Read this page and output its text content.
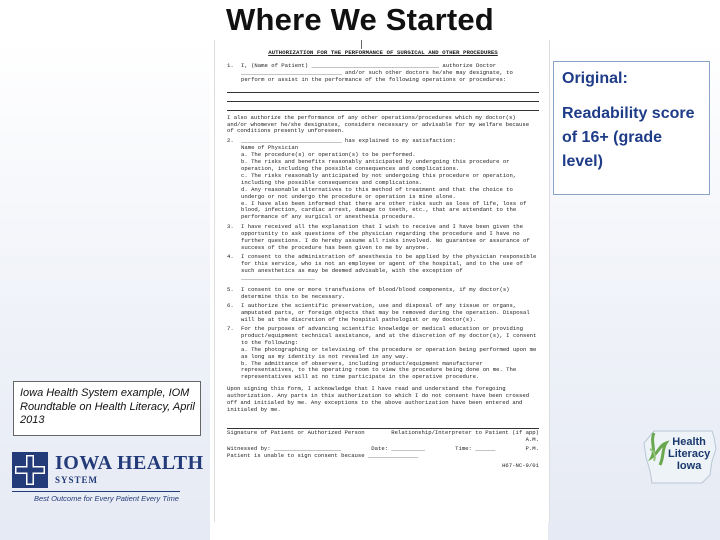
Where We Started
AUTHORIZATION FOR THE PERFORMANCE OF SURGICAL AND OTHER PROCEDURES
1.	I, (Name of Patient) ______________________________________ authorize Doctor ______________________________ and/or such other doctors he/she may designate, to perform or assist in the performance of the following operations or procedures:

I also authorize the performance of any other operations/procedures which my doctor(s) and/or whomever he/she designates, considers necessary or advisable for my welfare because of conditions presently unforeseen.

2.	______________________________ has explained to my satisfaction:

Name of Physician

a. The procedure(s) or operation(s) to be performed.

b. The risks and benefits reasonably anticipated by undergoing this procedure or operation, including the possible consequences and complications.

c. The risks reasonably anticipated by not undergoing this procedure or operation, including the possible consequences and complications.

d. Any reasonable alternatives to this method of treatment and that the choice to undergo or not undergo the procedure or operation is mine alone.

e. I have also been informed that there are other risks such as loss of life, loss of blood, infection, cardiac arrest, damage to teeth, etc., that are attendant to the performance of any surgical or anesthesia procedure.

3.	I have received all the explanation that I wish to receive and I have been given the opportunity to ask questions of the physician regarding the procedure and I have no further questions. I do hereby assume all risks involved. No guarantee or assurance of success of the procedure has been given to me by anyone.
4.	I consent to the administration of anesthesia to be applied by the physician responsible for this service, who is not an employee or agent of the hospital, and to the use of such anesthetics as may be deemed advisable, with the exception of ______________________
5.	I consent to one or more transfusions of blood/blood components, if my doctor(s) determine this to be necessary.
6.	I authorize the scientific preservation, use and disposal of any tissue or organs, amputated parts, or foreign objects that may be removed during the operation. Disposal will be at the discretion of the hospital pathologist or my doctor(s).
7.	For the purposes of advancing scientific knowledge or medical education or providing product/equipment technical assistance, and at the discretion of my doctor(s), I consent to the following:

a. The photographing or televising of the procedure or operation being performed upon me as long as my identity is not revealed in any way.

b. The admittance of observers, including product/equipment manufacturer representatives, to the operating room to view the procedure being done on me. The representatives will at no time participate in the operative procedure.

Upon signing this form, I acknowledge that I have read and understand the foregoing authorization. Any parts in this authorization to which I do not consent have been crossed off and initialed by me. Any exceptions to the above authorization have been entered and initialed by me.

Signature of Patient or Authorized Person	Relationship/Interpreter to Patient (if app)
A.M.
Witnessed by: ____________________	Date: __________	Time: ______	P.M.
Patient is unable to sign consent because _______________
H67-NC-9/01
Original:
Readability score of 16+ (grade level)
Iowa Health System example, IOM Roundtable on Health Literacy, April 2013
IOWA HEALTH
SYSTEM
Best Outcome for Every Patient Every Time
Health
Literacy
Iowa
